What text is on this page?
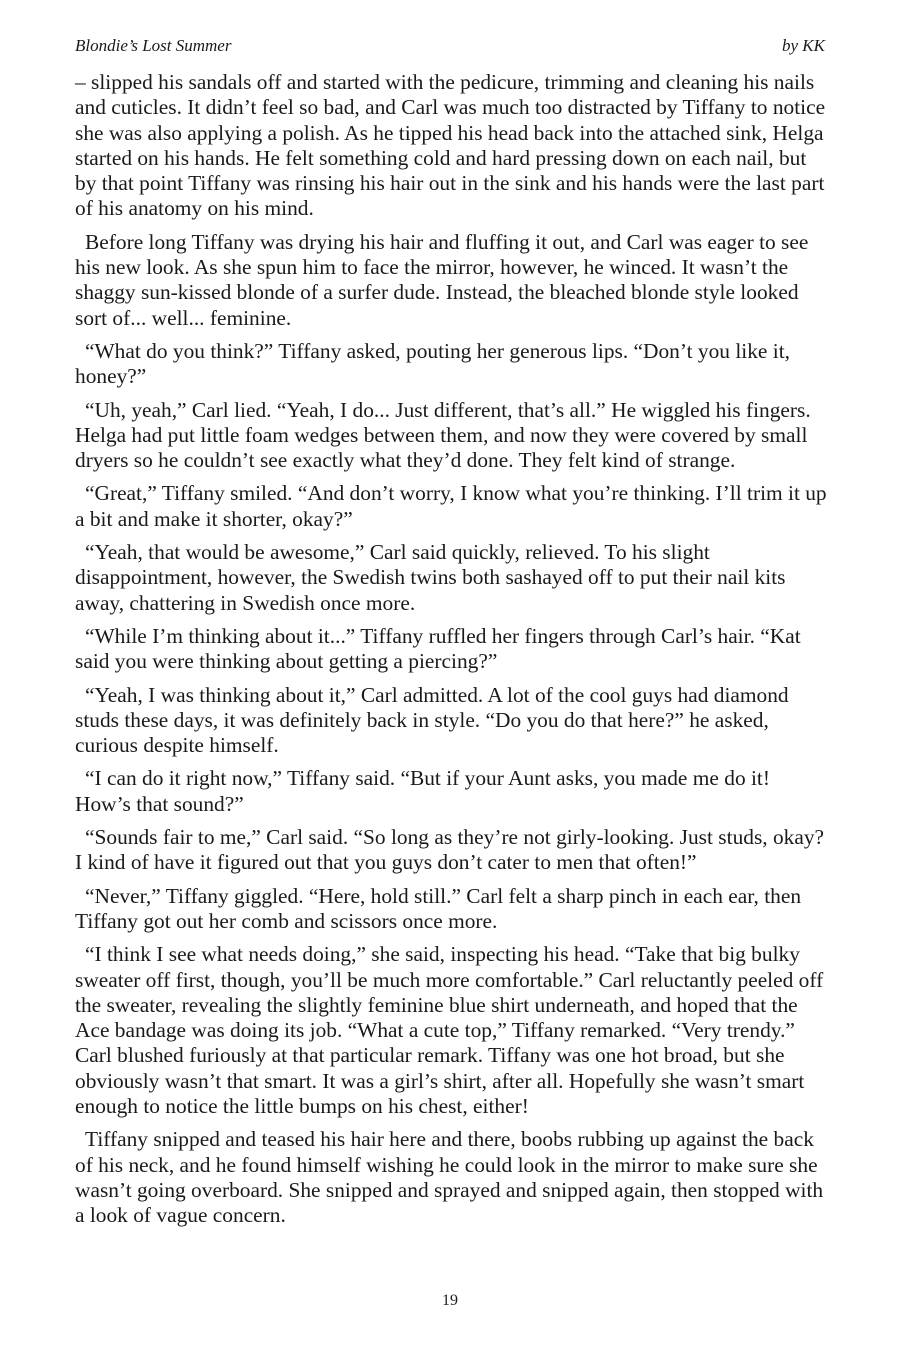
Blondie’s Lost Summer	by KK

– slipped his sandals off and started with the pedicure, trimming and cleaning his nails and cuticles. It didn’t feel so bad, and Carl was much too distracted by Tiffany to notice she was also applying a polish. As he tipped his head back into the attached sink, Helga started on his hands. He felt something cold and hard pressing down on each nail, but by that point Tiffany was rinsing his hair out in the sink and his hands were the last part of his anatomy on his mind.

Before long Tiffany was drying his hair and fluffing it out, and Carl was eager to see his new look. As she spun him to face the mirror, however, he winced. It wasn’t the shaggy sun-kissed blonde of a surfer dude. Instead, the bleached blonde style looked sort of... well... feminine.

“What do you think?” Tiffany asked, pouting her generous lips. “Don’t you like it, honey?”

“Uh, yeah,” Carl lied. “Yeah, I do... Just different, that’s all.” He wiggled his fingers. Helga had put little foam wedges between them, and now they were covered by small dryers so he couldn’t see exactly what they’d done. They felt kind of strange.

“Great,” Tiffany smiled. “And don’t worry, I know what you’re thinking. I’ll trim it up a bit and make it shorter, okay?”

“Yeah, that would be awesome,” Carl said quickly, relieved. To his slight disappointment, however, the Swedish twins both sashayed off to put their nail kits away, chattering in Swedish once more.

“While I’m thinking about it...” Tiffany ruffled her fingers through Carl’s hair. “Kat said you were thinking about getting a piercing?”

“Yeah, I was thinking about it,” Carl admitted. A lot of the cool guys had diamond studs these days, it was definitely back in style. “Do you do that here?” he asked, curious despite himself.

“I can do it right now,” Tiffany said. “But if your Aunt asks, you made me do it! How’s that sound?”

“Sounds fair to me,” Carl said. “So long as they’re not girly-looking. Just studs, okay? I kind of have it figured out that you guys don’t cater to men that often!”

“Never,” Tiffany giggled. “Here, hold still.” Carl felt a sharp pinch in each ear, then Tiffany got out her comb and scissors once more.

“I think I see what needs doing,” she said, inspecting his head. “Take that big bulky sweater off first, though, you’ll be much more comfortable.” Carl reluctantly peeled off the sweater, revealing the slightly feminine blue shirt underneath, and hoped that the Ace bandage was doing its job. “What a cute top,” Tiffany remarked. “Very trendy.” Carl blushed furiously at that particular remark. Tiffany was one hot broad, but she obviously wasn’t that smart. It was a girl’s shirt, after all. Hopefully she wasn’t smart enough to notice the little bumps on his chest, either!

Tiffany snipped and teased his hair here and there, boobs rubbing up against the back of his neck, and he found himself wishing he could look in the mirror to make sure she wasn’t going overboard. She snipped and sprayed and snipped again, then stopped with a look of vague concern.

19
